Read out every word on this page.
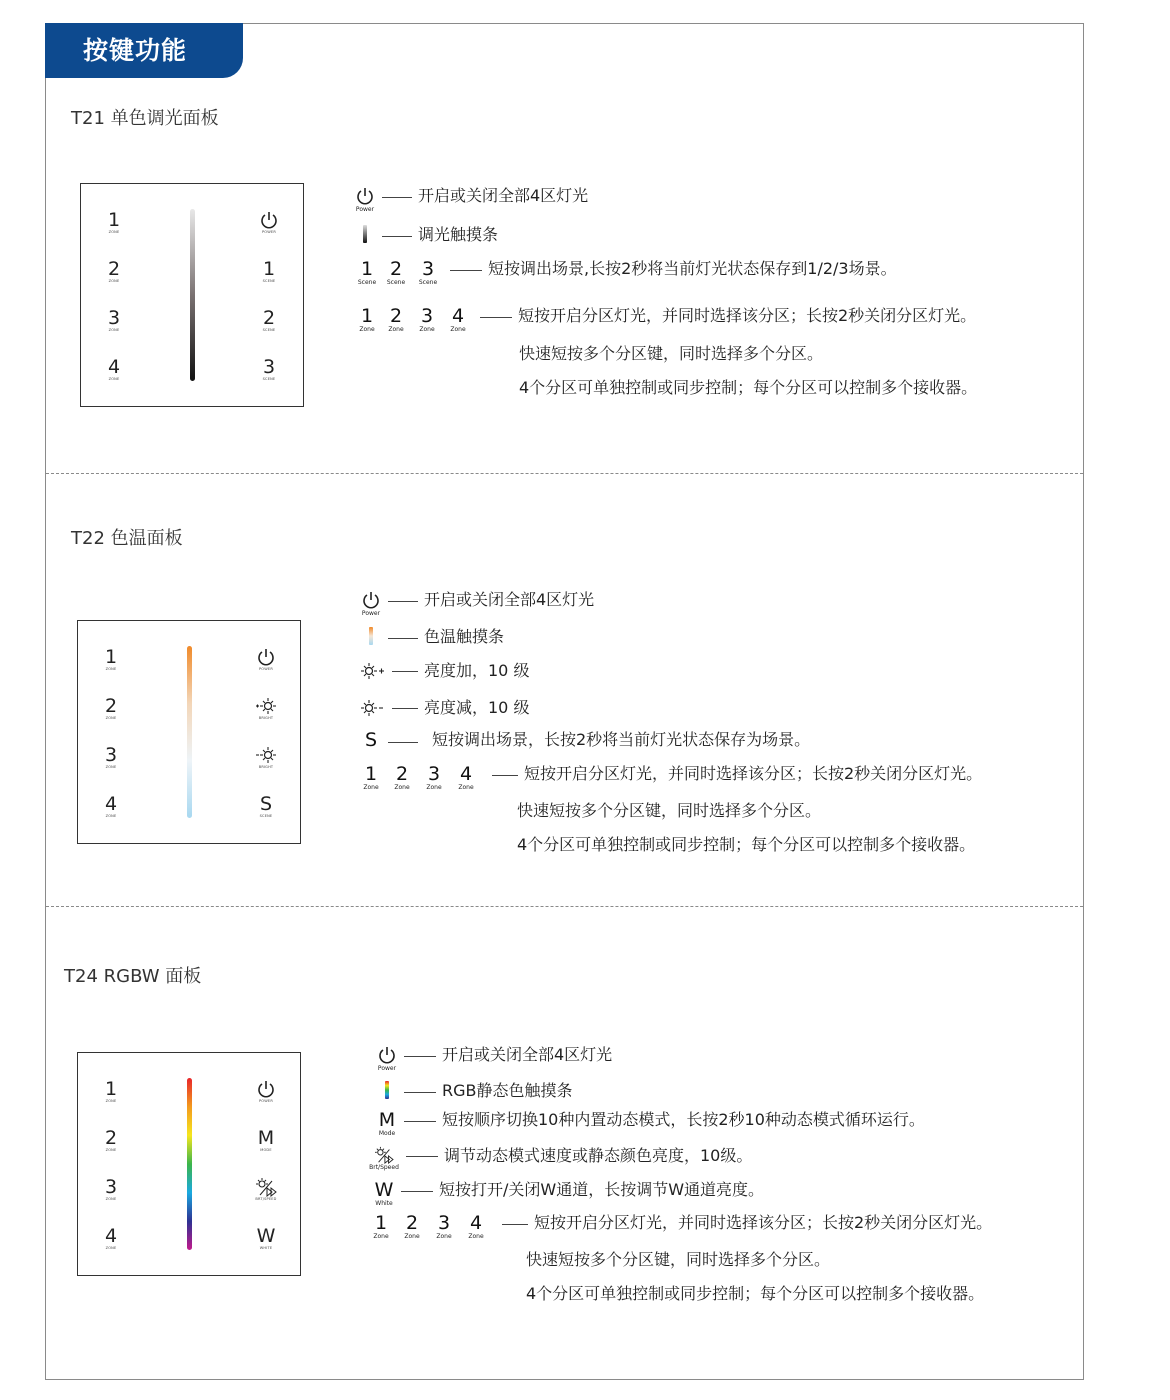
按键功能
T21 单色调光面板
1
ZONE
2
ZONE
3
ZONE
4
ZONE
POWER
1
SCENE
2
SCENE
3
SCENE
Power
开启或关闭全部4区灯光
调光触摸条
1
Scene
2
Scene
3
Scene
短按调出场景,长按2秒将当前灯光状态保存到1/2/3场景。
1
Zone
2
Zone
3
Zone
4
Zone
短按开启分区灯光，并同时选择该分区；长按2秒关闭分区灯光。
快速短按多个分区键，同时选择多个分区。
4个分区可单独控制或同步控制；每个分区可以控制多个接收器。
T22 色温面板
1
ZONE
2
ZONE
3
ZONE
4
ZONE
POWER
BRIGHT
BRIGHT
S
SCENE
Power
开启或关闭全部4区灯光
色温触摸条
亮度加，10 级
亮度减，10 级
S	短按调出场景，长按2秒将当前灯光状态保存为场景。
1
Zone
2
Zone
3
Zone
4
Zone
短按开启分区灯光，并同时选择该分区；长按2秒关闭分区灯光。
快速短按多个分区键，同时选择多个分区。
4个分区可单独控制或同步控制；每个分区可以控制多个接收器。
T24 RGBW 面板
1
ZONE
2
ZONE
3
ZONE
4
ZONE
POWER
M
MODE
BRT/SPEED
W
WHITE
Power
开启或关闭全部4区灯光
RGB静态色触摸条
M
Mode
短按顺序切换10种内置动态模式，长按2秒10种动态模式循环运行。
Brt/Speed
调节动态模式速度或静态颜色亮度，10级。
W
White
短按打开/关闭W通道，长按调节W通道亮度。
1
Zone
2
Zone
3
Zone
4
Zone
短按开启分区灯光，并同时选择该分区；长按2秒关闭分区灯光。
快速短按多个分区键，同时选择多个分区。
4个分区可单独控制或同步控制；每个分区可以控制多个接收器。
